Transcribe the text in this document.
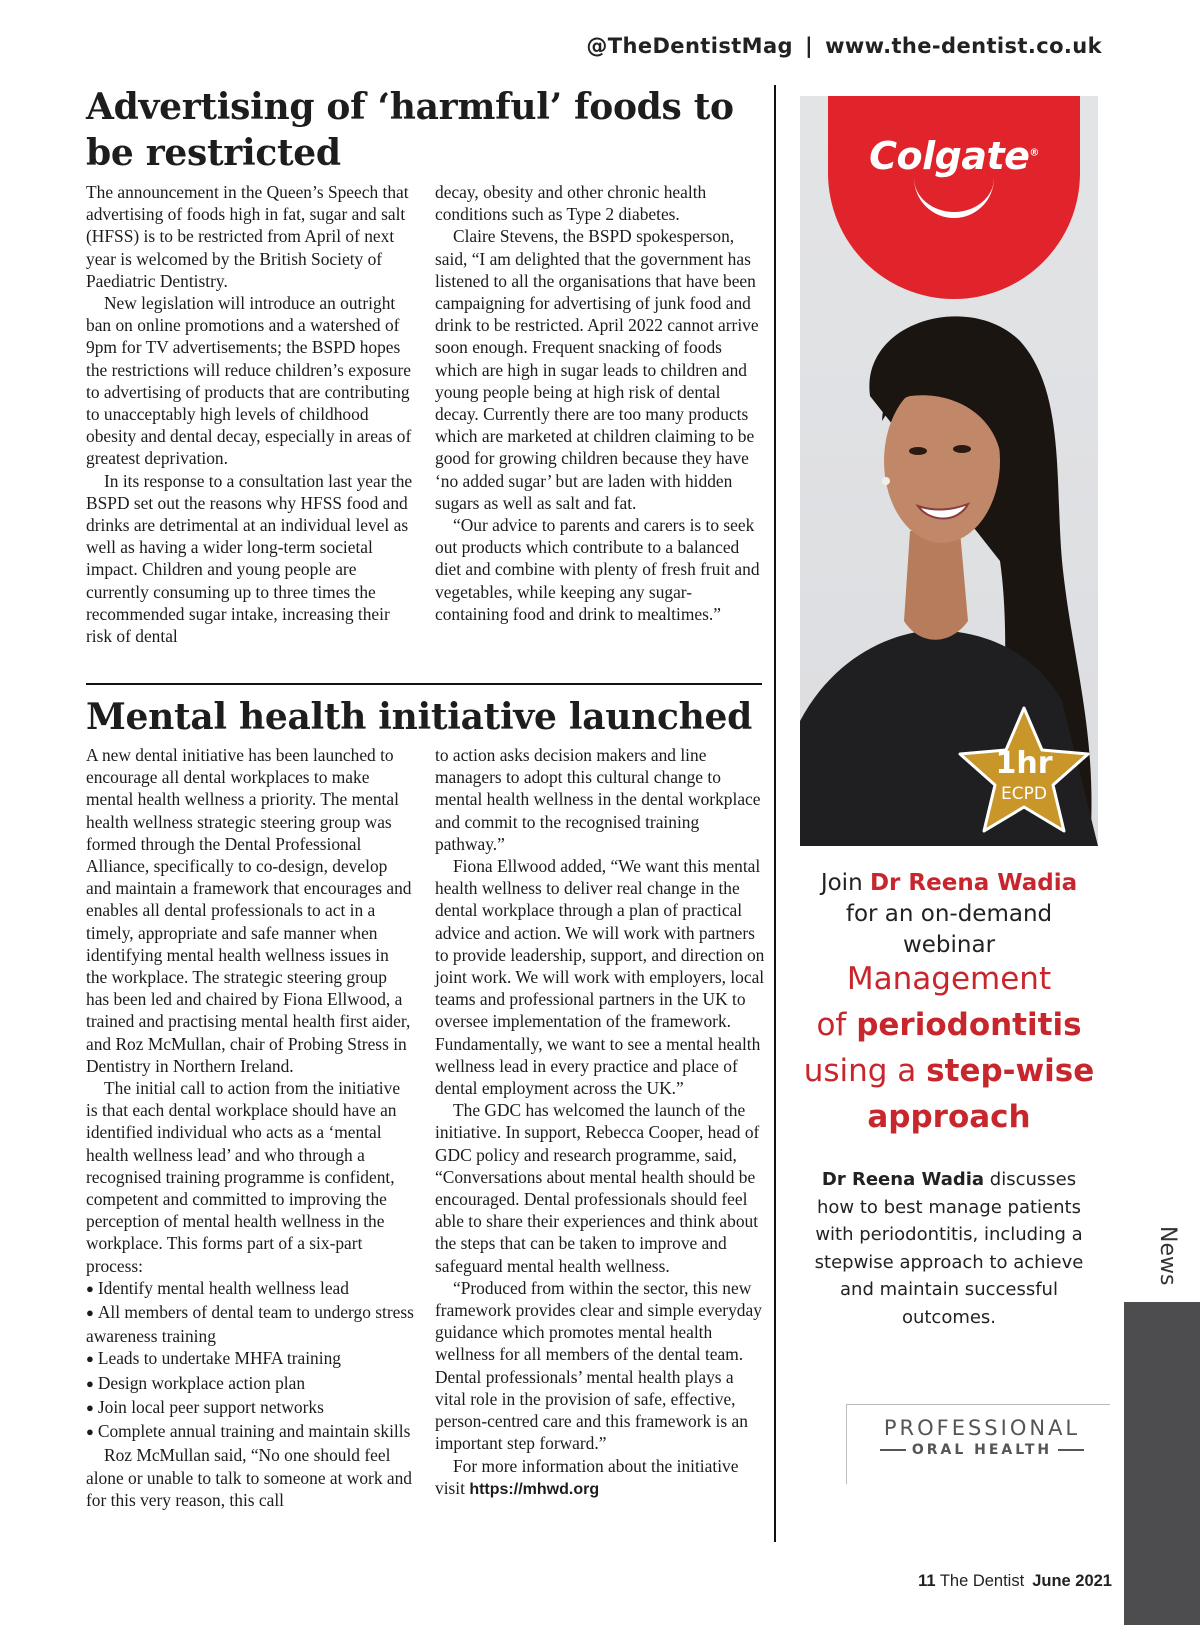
@TheDentistMag | www.the-dentist.co.uk
Advertising of ‘harmful’ foods to be restricted

The announcement in the Queen’s Speech that advertising of foods high in fat, sugar and salt (HFSS) is to be restricted from April of next year is welcomed by the British Society of Paediatric Dentistry.

New legislation will introduce an outright ban on online promotions and a watershed of 9pm for TV advertisements; the BSPD hopes the restrictions will reduce children’s exposure to advertising of products that are contributing to unacceptably high levels of childhood obesity and dental decay, especially in areas of greatest deprivation.

In its response to a consultation last year the BSPD set out the reasons why HFSS food and drinks are detrimental at an individual level as well as having a wider long-term societal impact. Children and young people are currently consuming up to three times the recommended sugar intake, increasing their risk of dental

decay, obesity and other chronic health conditions such as Type 2 diabetes.

Claire Stevens, the BSPD spokesperson, said, “I am delighted that the government has listened to all the organisations that have been campaigning for advertising of junk food and drink to be restricted. April 2022 cannot arrive soon enough. Frequent snacking of foods which are high in sugar leads to children and young people being at high risk of dental decay. Currently there are too many products which are marketed at children claiming to be good for growing children because they have ‘no added sugar’ but are laden with hidden sugars as well as salt and fat.

“Our advice to parents and carers is to seek out products which contribute to a balanced diet and combine with plenty of fresh fruit and vegetables, while keeping any sugar-containing food and drink to mealtimes.”

Mental health initiative launched

A new dental initiative has been launched to encourage all dental workplaces to make mental health wellness a priority. The mental health wellness strategic steering group was formed through the Dental Professional Alliance, specifically to co-design, develop and maintain a framework that encourages and enables all dental professionals to act in a timely, appropriate and safe manner when identifying mental health wellness issues in the workplace. The strategic steering group has been led and chaired by Fiona Ellwood, a trained and practising mental health first aider, and Roz McMullan, chair of Probing Stress in Dentistry in Northern Ireland.

The initial call to action from the initiative is that each dental workplace should have an identified individual who acts as a ‘mental health wellness lead’ and who through a recognised training programme is confident, competent and committed to improving the perception of mental health wellness in the workplace. This forms part of a six-part process:

● Identify mental health wellness lead

● All members of dental team to undergo stress awareness training

● Leads to undertake MHFA training

● Design workplace action plan

● Join local peer support networks

● Complete annual training and maintain skills

Roz McMullan said, “No one should feel alone or unable to talk to someone at work and for this very reason, this call

to action asks decision makers and line managers to adopt this cultural change to mental health wellness in the dental workplace and commit to the recognised training pathway.”

Fiona Ellwood added, “We want this mental health wellness to deliver real change in the dental workplace through a plan of practical advice and action. We will work with partners to provide leadership, support, and direction on joint work. We will work with employers, local teams and professional partners in the UK to oversee implementation of the framework. Fundamentally, we want to see a mental health wellness lead in every practice and place of dental employment across the UK.”

The GDC has welcomed the launch of the initiative. In support, Rebecca Cooper, head of GDC policy and research programme, said, “Conversations about mental health should be encouraged. Dental professionals should feel able to share their experiences and think about the steps that can be taken to improve and safeguard mental health wellness.

“Produced from within the sector, this new framework provides clear and simple everyday guidance which promotes mental health wellness for all members of the dental team. Dental professionals’ mental health plays a vital role in the provision of safe, effective, person-centred care and this framework is an important step forward.”

For more information about the initiative visit https://mhwd.org

Colgate®
1hr
ECPD
Join Dr Reena Wadia
for an on-demand webinar
Management
of periodontitis
using a step-wise
approach
Dr Reena Wadia discusses how to best manage patients with periodontitis, including a stepwise approach to achieve and maintain successful outcomes.
PROFESSIONAL
ORAL HEALTH
News
11 The Dentist June 2021
